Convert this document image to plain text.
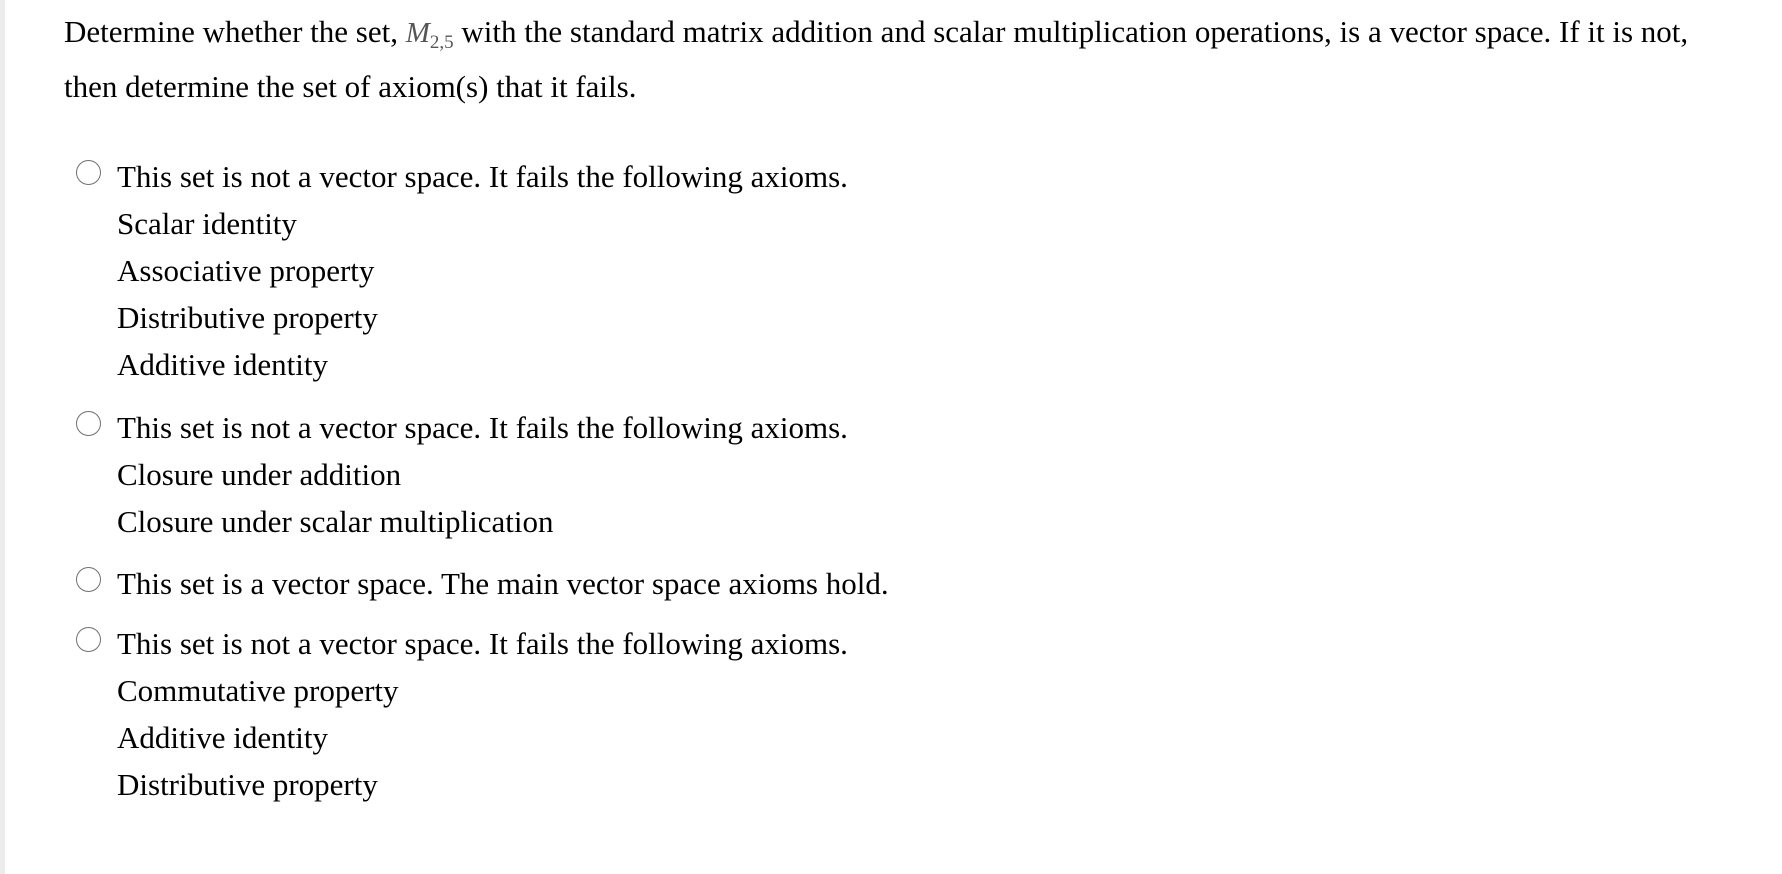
Determine whether the set, $M_{2,5}$ with the standard matrix addition and scalar multiplication operations, is a vector space. If it is not, then determine the set of axiom(s) that it fails.
This set is not a vector space. It fails the following axioms.
Scalar identity
Associative property
Distributive property
Additive identity
This set is not a vector space. It fails the following axioms.
Closure under addition
Closure under scalar multiplication
This set is a vector space. The main vector space axioms hold.
This set is not a vector space. It fails the following axioms.
Commutative property
Additive identity
Distributive property
